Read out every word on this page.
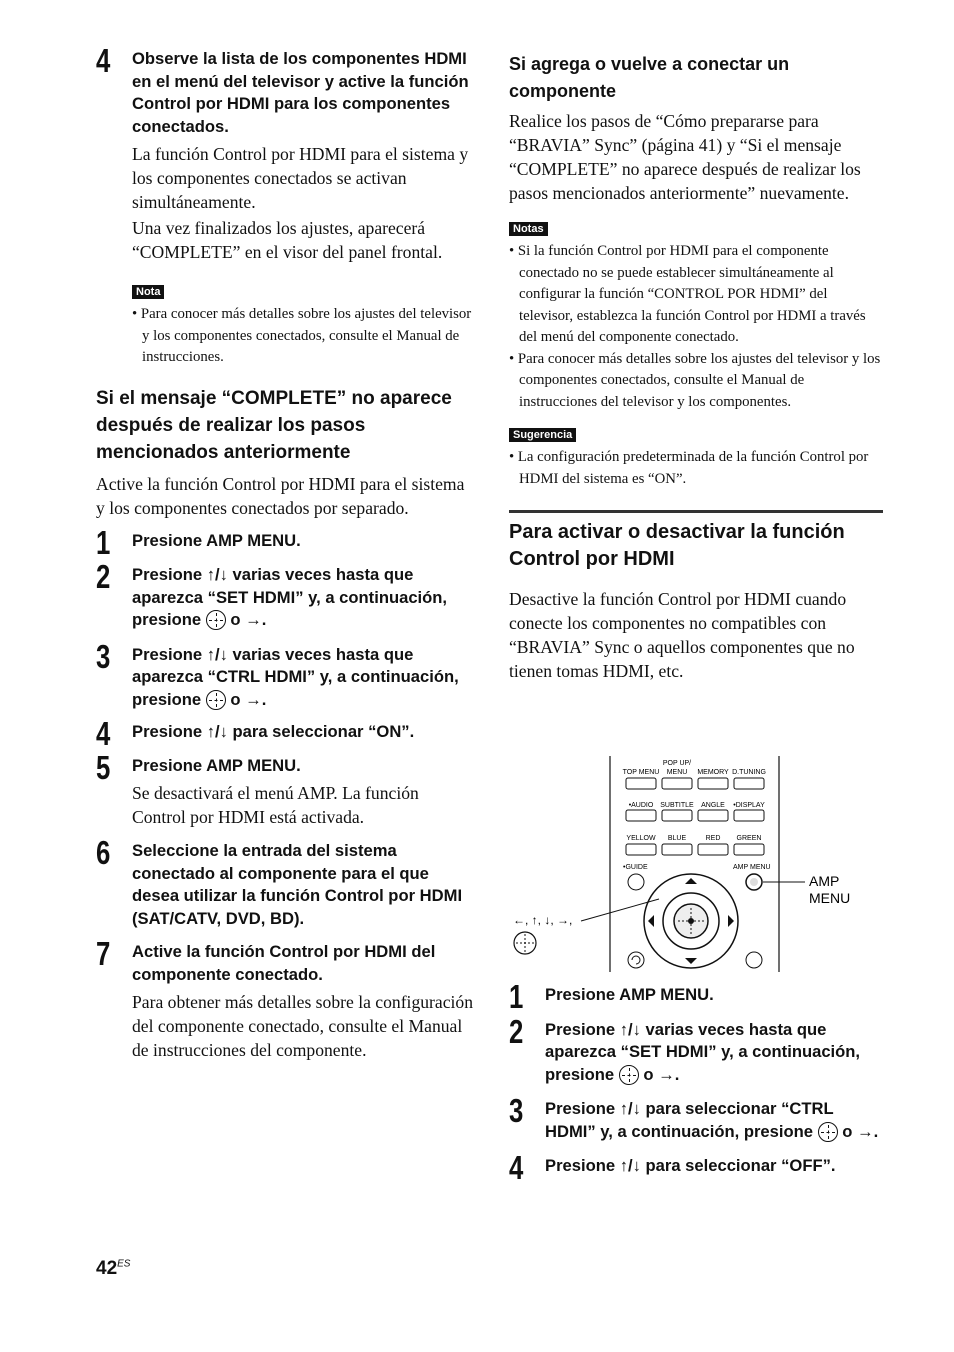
4 Observe la lista de los componentes HDMI en el menú del televisor y active la función Control por HDMI para los componentes conectados.

La función Control por HDMI para el sistema y los componentes conectados se activan simultáneamente.

Una vez finalizados los ajustes, aparecerá “COMPLETE” en el visor del panel frontal.

Nota

• Para conocer más detalles sobre los ajustes del televisor y los componentes conectados, consulte el Manual de instrucciones.

Si el mensaje “COMPLETE” no aparece después de realizar los pasos mencionados anteriormente

Active la función Control por HDMI para el sistema y los componentes conectados por separado.

1 Presione AMP MENU.
2 Presione ↑/↓ varias veces hasta que aparezca “SET HDMI” y, a continuación, presione o →.
3 Presione ↑/↓ varias veces hasta que aparezca “CTRL HDMI” y, a continuación, presione o →.
4 Presione ↑/↓ para seleccionar “ON”.
5 Presione AMP MENU.

Se desactivará el menú AMP. La función Control por HDMI está activada.

6 Seleccione la entrada del sistema conectado al componente para el que desea utilizar la función Control por HDMI (SAT/CATV, DVD, BD).
7 Active la función Control por HDMI del componente conectado.

Para obtener más detalles sobre la configuración del componente conectado, consulte el Manual de instrucciones del componente.

Si agrega o vuelve a conectar un componente

Realice los pasos de “Cómo prepararse para “BRAVIA” Sync” (página 41) y “Si el mensaje “COMPLETE” no aparece después de realizar los pasos mencionados anteriormente” nuevamente.

Notas

• Si la función Control por HDMI para el componente conectado no se puede establecer simultáneamente al configurar la función “CONTROL POR HDMI” del televisor, establezca la función Control por HDMI a través del menú del componente conectado.

• Para conocer más detalles sobre los ajustes del televisor y los componentes conectados, consulte el Manual de instrucciones del televisor y los componentes.

Sugerencia

• La configuración predeterminada de la función Control por HDMI del sistema es “ON”.

Para activar o desactivar la función Control por HDMI

Desactive la función Control por HDMI cuando conecte los componentes no compatibles con “BRAVIA” Sync o aquellos componentes que no tienen tomas HDMI, etc.

TOP MENU
POP UP/
MENU MEMORY D.TUNING
•AUDIO SUBTITLE ANGLE •DISPLAY
YELLOW BLUE	RED GREEN
•GUIDE	AMP MENU
AMP
MENU
←, ↑, ↓, →,
1 Presione AMP MENU.
2 Presione ↑/↓ varias veces hasta que aparezca “SET HDMI” y, a continuación, presione o →.
3 Presione ↑/↓ para seleccionar “CTRL HDMI” y, a continuación, presione o →.
4 Presione ↑/↓ para seleccionar “OFF”.
$42^{ES}$
